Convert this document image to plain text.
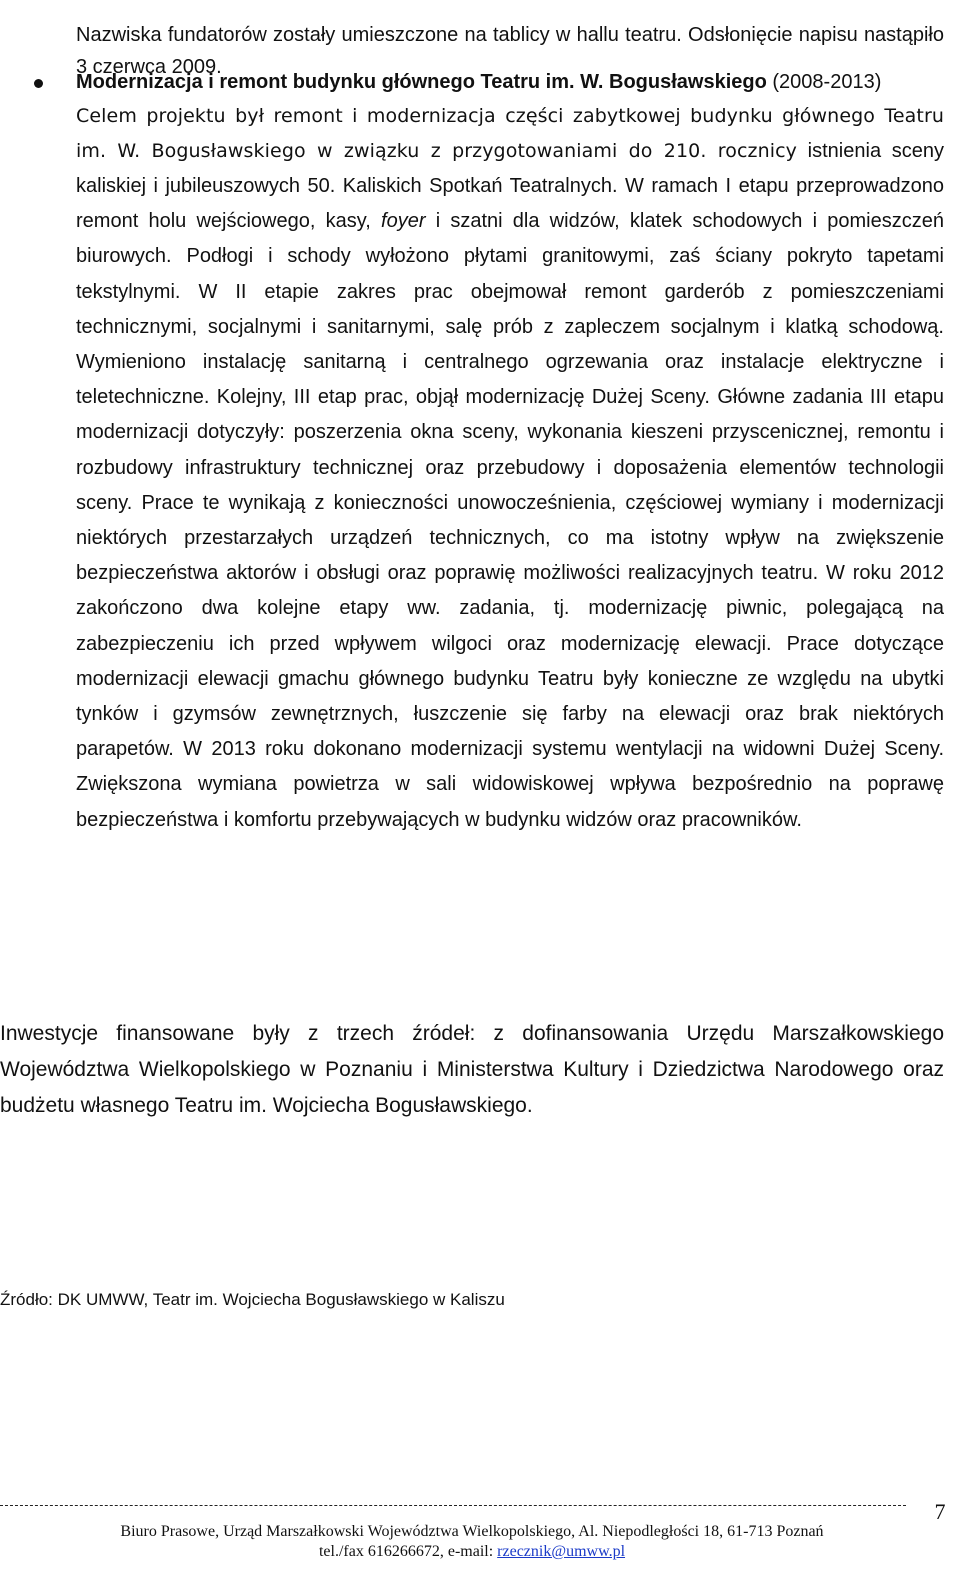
Nazwiska fundatorów zostały umieszczone na tablicy w hallu teatru. Odsłonięcie napisu nastąpiło 3 czerwca 2009.

Modernizacja i remont budynku głównego Teatru im. W. Bogusławskiego (2008-2013)

Celem projektu był remont i modernizacja części zabytkowej budynku głównego Teatru im. W. Bogusławskiego w związku z przygotowaniami do 210. rocznicy istnienia sceny kaliskiej i jubileuszowych 50. Kaliskich Spotkań Teatralnych. W ramach I etapu przeprowadzono remont holu wejściowego, kasy, foyer i szatni dla widzów, klatek schodowych i pomieszczeń biurowych. Podłogi i schody wyłożono płytami granitowymi, zaś ściany pokryto tapetami tekstylnymi. W II etapie zakres prac obejmował remont garderób z pomieszczeniami technicznymi, socjalnymi i sanitarnymi, salę prób z zapleczem socjalnym i klatką schodową. Wymieniono instalację sanitarną i centralnego ogrzewania oraz instalacje elektryczne i teletechniczne. Kolejny, III etap prac, objął modernizację Dużej Sceny. Główne zadania III etapu modernizacji dotyczyły: poszerzenia okna sceny, wykonania kieszeni przyscenicznej, remontu i rozbudowy infrastruktury technicznej oraz przebudowy i doposażenia elementów technologii sceny. Prace te wynikają z konieczności unowocześnienia, częściowej wymiany i modernizacji niektórych przestarzałych urządzeń technicznych, co ma istotny wpływ na zwiększenie bezpieczeństwa aktorów i obsługi oraz poprawię możliwości realizacyjnych teatru. W roku 2012 zakończono dwa kolejne etapy ww. zadania, tj. modernizację piwnic, polegającą na zabezpieczeniu ich przed wpływem wilgoci oraz modernizację elewacji. Prace dotyczące modernizacji elewacji gmachu głównego budynku Teatru były konieczne ze względu na ubytki tynków i gzymsów zewnętrznych, łuszczenie się farby na elewacji oraz brak niektórych parapetów. W 2013 roku dokonano modernizacji systemu wentylacji na widowni Dużej Sceny. Zwiększona wymiana powietrza w sali widowiskowej wpływa bezpośrednio na poprawę bezpieczeństwa i komfortu przebywających w budynku widzów oraz pracowników.

Inwestycje finansowane były z trzech źródeł: z dofinansowania Urzędu Marszałkowskiego Województwa Wielkopolskiego w Poznaniu i Ministerstwa Kultury i Dziedzictwa Narodowego oraz budżetu własnego Teatru im. Wojciecha Bogusławskiego.

Źródło: DK UMWW, Teatr im. Wojciecha Bogusławskiego w Kaliszu

7
Biuro Prasowe, Urząd Marszałkowski Województwa Wielkopolskiego, Al. Niepodległości 18, 61-713 Poznań
tel./fax 616266672, e-mail: rzecznik@umww.pl
